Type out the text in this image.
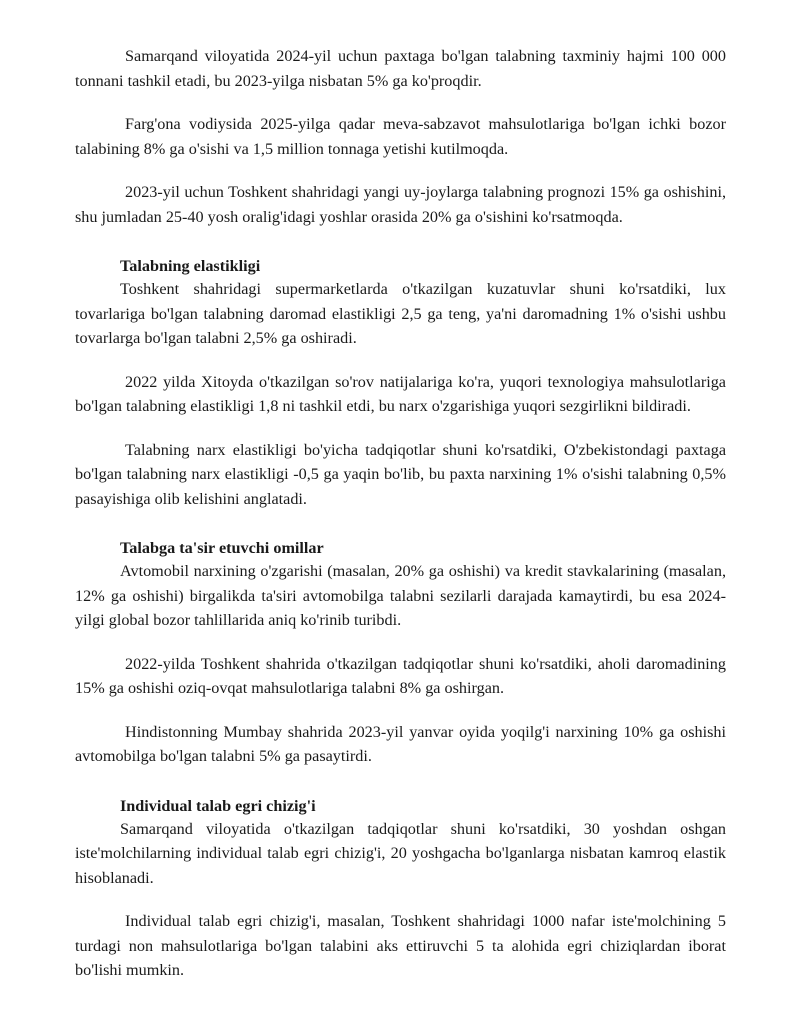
Samarqand viloyatida 2024-yil uchun paxtaga bo'lgan talabning taxminiy hajmi 100 000 tonnani tashkil etadi, bu 2023-yilga nisbatan 5% ga ko'proqdir.

Farg'ona vodiysida 2025-yilga qadar meva-sabzavot mahsulotlariga bo'lgan ichki bozor talabining 8% ga o'sishi va 1,5 million tonnaga yetishi kutilmoqda.

2023-yil uchun Toshkent shahridagi yangi uy-joylarga talabning prognozi 15% ga oshishini, shu jumladan 25-40 yosh oralig'idagi yoshlar orasida 20% ga o'sishini ko'rsatmoqda.

Talabning elastikligi

Toshkent shahridagi supermarketlarda o'tkazilgan kuzatuvlar shuni ko'rsatdiki, lux tovarlariga bo'lgan talabning daromad elastikligi 2,5 ga teng, ya'ni daromadning 1% o'sishi ushbu tovarlarga bo'lgan talabni 2,5% ga oshiradi.

2022 yilda Xitoyda o'tkazilgan so'rov natijalariga ko'ra, yuqori texnologiya mahsulotlariga bo'lgan talabning elastikligi 1,8 ni tashkil etdi, bu narx o'zgarishiga yuqori sezgirlikni bildiradi.

Talabning narx elastikligi bo'yicha tadqiqotlar shuni ko'rsatdiki, O'zbekistondagi paxtaga bo'lgan talabning narx elastikligi -0,5 ga yaqin bo'lib, bu paxta narxining 1% o'sishi talabning 0,5% pasayishiga olib kelishini anglatadi.

Talabga ta'sir etuvchi omillar

Avtomobil narxining o'zgarishi (masalan, 20% ga oshishi) va kredit stavkalarining (masalan, 12% ga oshishi) birgalikda ta'siri avtomobilga talabni sezilarli darajada kamaytirdi, bu esa 2024-yilgi global bozor tahlillarida aniq ko'rinib turibdi.

2022-yilda Toshkent shahrida o'tkazilgan tadqiqotlar shuni ko'rsatdiki, aholi daromadining 15% ga oshishi oziq-ovqat mahsulotlariga talabni 8% ga oshirgan.

Hindistonning Mumbay shahrida 2023-yil yanvar oyida yoqilg'i narxining 10% ga oshishi avtomobilga bo'lgan talabni 5% ga pasaytirdi.

Individual talab egri chizig'i

Samarqand viloyatida o'tkazilgan tadqiqotlar shuni ko'rsatdiki, 30 yoshdan oshgan iste'molchilarning individual talab egri chizig'i, 20 yoshgacha bo'lganlarga nisbatan kamroq elastik hisoblanadi.

Individual talab egri chizig'i, masalan, Toshkent shahridagi 1000 nafar iste'molchining 5 turdagi non mahsulotlariga bo'lgan talabini aks ettiruvchi 5 ta alohida egri chiziqlardan iborat bo'lishi mumkin.
